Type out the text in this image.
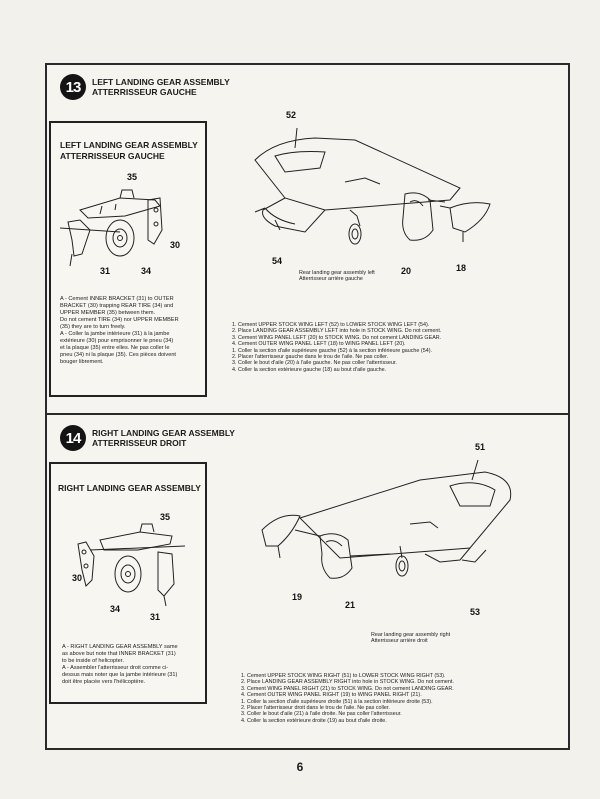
13	LEFT LANDING GEAR ASSEMBLY
ATTERRISSEUR GAUCHE
LEFT LANDING GEAR ASSEMBLY
ATTERRISSEUR GAUCHE
35
30
31	34
A - Cement INNER BRACKET (31) to OUTER
BRACKET (30) trapping REAR TIRE (34) and
UPPER MEMBER (35) between them.
Do not cement TIRE (34) nor UPPER MEMBER
(35) they are to turn freely.
A - Coller la jambe intérieure (31) à la jambe
extérieure (30) pour emprisonner le pneu (34)
et la plaque (35) entre elles. Ne pas coller le
pneu (34) ni la plaque (35). Ces pièces doivent
bouger librement.
52
54
20	18
Rear landing gear assembly left
Atterrisseur arrière gauche
1. Cement UPPER STOCK WING LEFT (52) to LOWER STOCK WING LEFT (54).
2. Place LANDING GEAR ASSEMBLY LEFT into hole in STOCK WING. Do not cement.
3. Cement WING PANEL LEFT (20) to STOCK WING. Do not cement LANDING GEAR.
4. Cement OUTER WING PANEL LEFT (18) to WING PANEL LEFT (20).
1. Coller la section d'aile supérieure gauche (52) à la section inférieure gauche (54).
2. Placer l'atterrisseur gauche dans le trou de l'aile. Ne pas coller.
3. Coller le bout d'aile (20) à l'aile gauche. Ne pas coller l'atterrisseur.
4. Coller la section extérieure gauche (18) au bout d'aile gauche.
14	RIGHT LANDING GEAR ASSEMBLY
ATTERRISSEUR DROIT
RIGHT LANDING GEAR ASSEMBLY
35
30
34
31
A - RIGHT LANDING GEAR ASSEMBLY same
as above but note that INNER BRACKET (31)
to be inside of helicopter.
A - Assembler l'atterrisseur droit comme ci-
dessus mais noter que la jambe intérieure (31)
doit être placée vers l'hélicoptère.
51
19
21
53
Rear landing gear assembly right
Atterrisseur arrière droit
1. Cement UPPER STOCK WING RIGHT (51) to LOWER STOCK WING RIGHT (53).
2. Place LANDING GEAR ASSEMBLY RIGHT into hole in STOCK WING. Do not cement.
3. Cement WING PANEL RIGHT (21) to STOCK WING. Do not cement LANDING GEAR.
4. Cement OUTER WING PANEL RIGHT (19) to WING PANEL RIGHT (21).
1. Coller la section d'aile supérieure droite (51) à la section inférieure droite (53).
2. Placer l'atterrisseur droit dans le trou de l'aile. Ne pas coller.
3. Coller le bout d'aile (21) à l'aile droite. Ne pas coller l'atterrisseur.
4. Coller la section extérieure droite (19) au bout d'aile droite.
6
